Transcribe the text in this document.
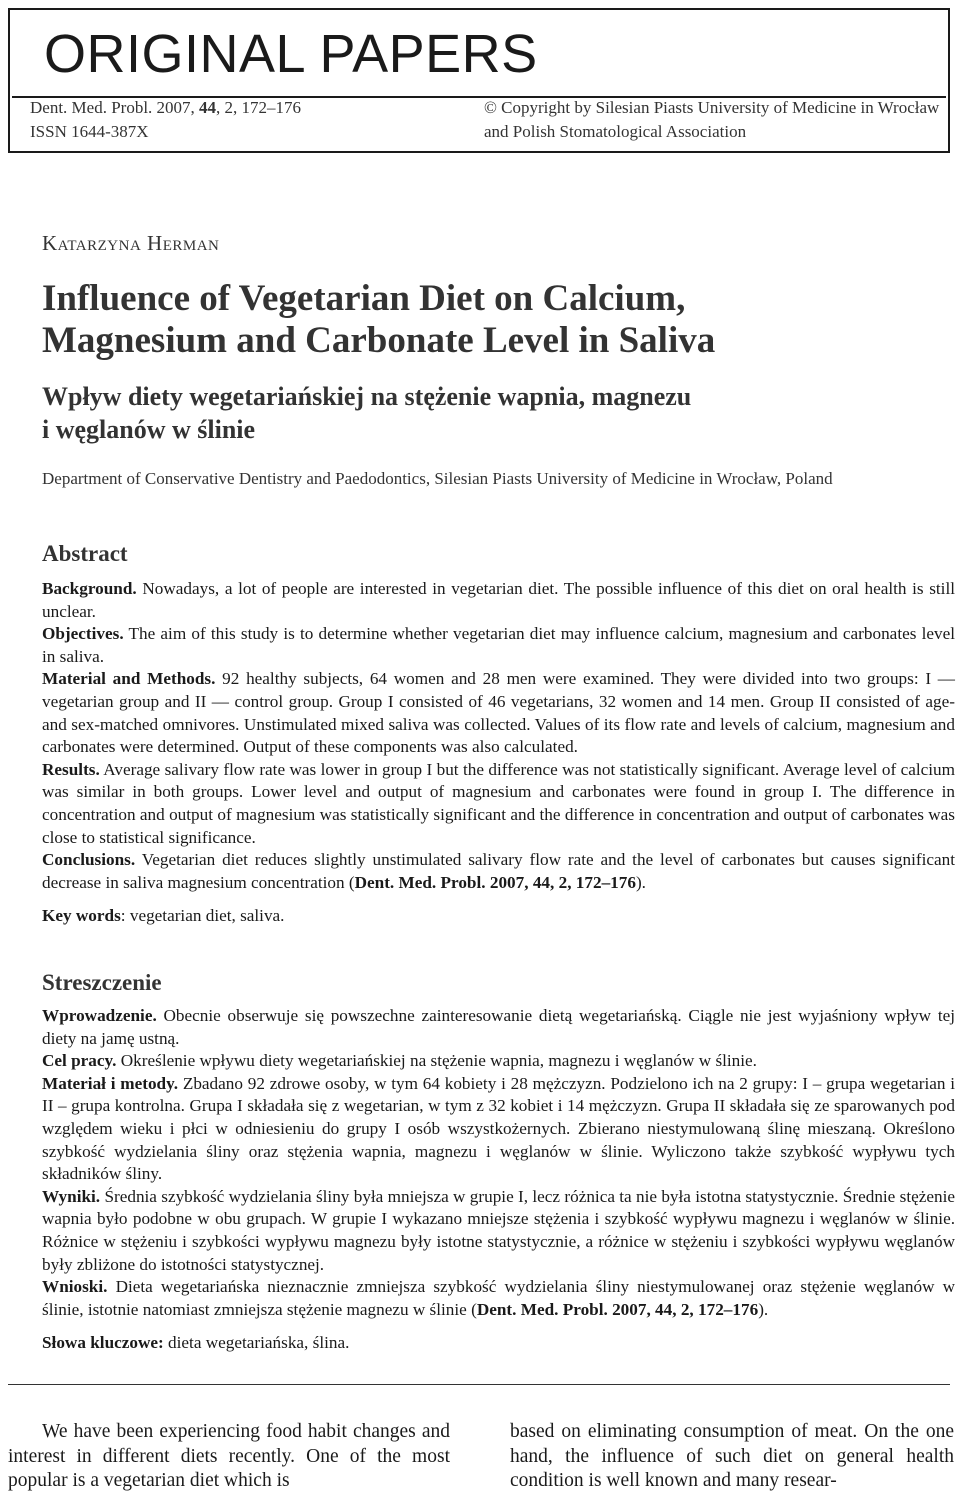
ORIGINAL PAPERS
Dent. Med. Probl. 2007, 44, 2, 172–176
ISSN 1644-387X
© Copyright by Silesian Piasts University of Medicine in Wrocław
and Polish Stomatological Association
Katarzyna Herman
Influence of Vegetarian Diet on Calcium,
Magnesium and Carbonate Level in Saliva
Wpływ diety wegetariańskiej na stężenie wapnia, magnezu
i węglanów w ślinie
Department of Conservative Dentistry and Paedodontics, Silesian Piasts University of Medicine in Wrocław, Poland
Abstract

Background. Nowadays, a lot of people are interested in vegetarian diet. The possible influence of this diet on oral health is still unclear.

Objectives. The aim of this study is to determine whether vegetarian diet may influence calcium, magnesium and carbonates level in saliva.

Material and Methods. 92 healthy subjects, 64 women and 28 men were examined. They were divided into two groups: I — vegetarian group and II — control group. Group I consisted of 46 vegetarians, 32 women and 14 men. Group II consisted of age- and sex-matched omnivores. Unstimulated mixed saliva was collected. Values of its flow rate and levels of calcium, magnesium and carbonates were determined. Output of these components was also calculated.

Results. Average salivary flow rate was lower in group I but the difference was not statistically significant. Average level of calcium was similar in both groups. Lower level and output of magnesium and carbonates were found in group I. The difference in concentration and output of magnesium was statistically significant and the difference in concentration and output of carbonates was close to statistical significance.

Conclusions. Vegetarian diet reduces slightly unstimulated salivary flow rate and the level of carbonates but causes significant decrease in saliva magnesium concentration (Dent. Med. Probl. 2007, 44, 2, 172–176).

Key words: vegetarian diet, saliva.

Streszczenie

Wprowadzenie. Obecnie obserwuje się powszechne zainteresowanie dietą wegetariańską. Ciągle nie jest wyjaśniony wpływ tej diety na jamę ustną.

Cel pracy. Określenie wpływu diety wegetariańskiej na stężenie wapnia, magnezu i węglanów w ślinie.

Materiał i metody. Zbadano 92 zdrowe osoby, w tym 64 kobiety i 28 mężczyzn. Podzielono ich na 2 grupy: I – grupa wegetarian i II – grupa kontrolna. Grupa I składała się z wegetarian, w tym z 32 kobiet i 14 mężczyzn. Grupa II składała się ze sparowanych pod względem wieku i płci w odniesieniu do grupy I osób wszystkożernych. Zbierano niestymulowaną ślinę mieszaną. Określono szybkość wydzielania śliny oraz stężenia wapnia, magnezu i węglanów w ślinie. Wyliczono także szybkość wypływu tych składników śliny.

Wyniki. Średnia szybkość wydzielania śliny była mniejsza w grupie I, lecz różnica ta nie była istotna statystycznie. Średnie stężenie wapnia było podobne w obu grupach. W grupie I wykazano mniejsze stężenia i szybkość wypływu magnezu i węglanów w ślinie. Różnice w stężeniu i szybkości wypływu magnezu były istotne statystycznie, a różnice w stężeniu i szybkości wypływu węglanów były zbliżone do istotności statystycznej.

Wnioski. Dieta wegetariańska nieznacznie zmniejsza szybkość wydzielania śliny niestymulowanej oraz stężenie węglanów w ślinie, istotnie natomiast zmniejsza stężenie magnezu w ślinie (Dent. Med. Probl. 2007, 44, 2, 172–176).

Słowa kluczowe: dieta wegetariańska, ślina.

We have been experiencing food habit changes and interest in different diets recently. One of the most popular is a vegetarian diet which is

based on eliminating consumption of meat. On the one hand, the influence of such diet on general health condition is well known and many resear-
